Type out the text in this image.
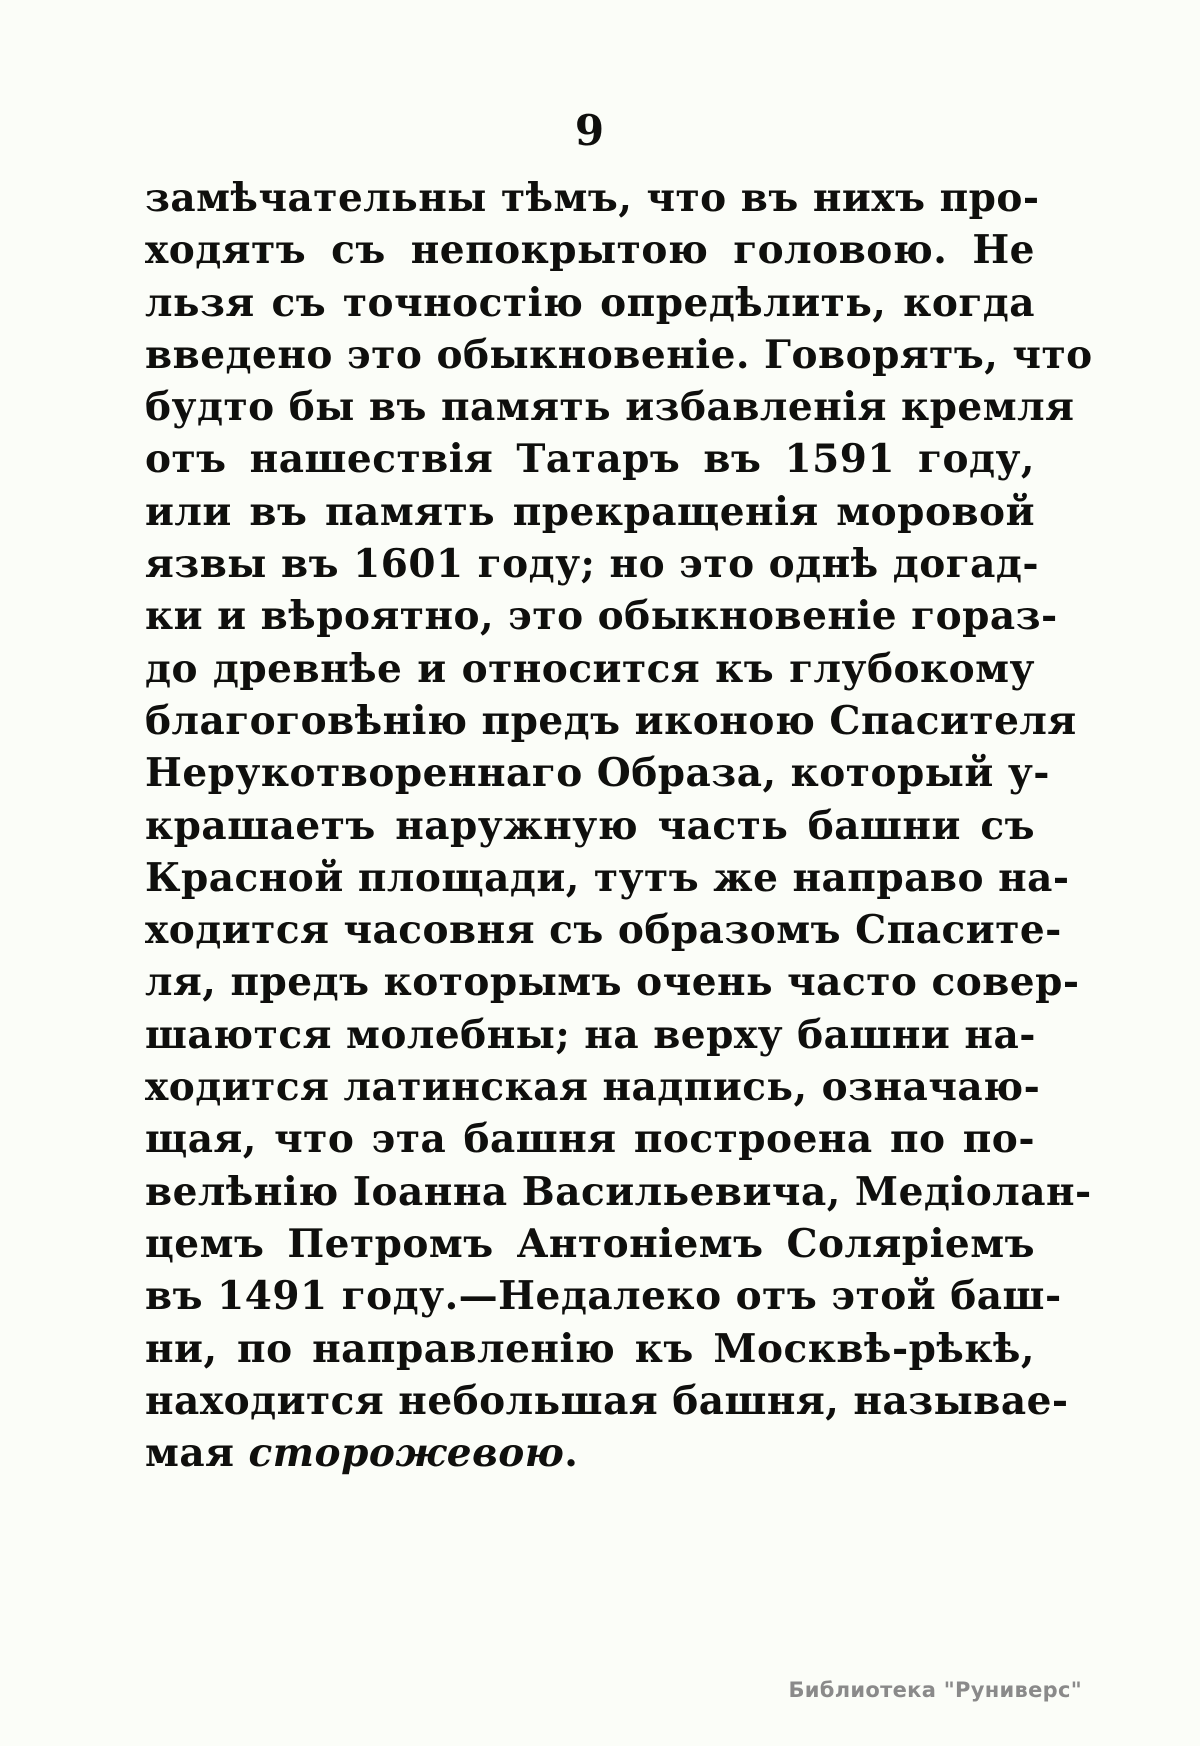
9
замѣчательны тѣмъ, что въ нихъ про-
ходятъ съ непокрытою головою. Не
льзя съ точностію опредѣлить, когда
введено это обыкновеніе. Говорятъ, что
будто бы въ память избавленія кремля
отъ нашествія Татаръ въ 1591 году,
или въ память прекращенія моровой
язвы въ 1601 году; но это однѣ догад-
ки и вѣроятно, это обыкновеніе гораз-
до древнѣе и относится къ глубокому
благоговѣнію предъ иконою Спасителя
Нерукотвореннаго Образа, который у-
крашаетъ наружную часть башни съ
Красной площади, тутъ же направо на-
ходится часовня съ образомъ Спасите-
ля, предъ которымъ очень часто совер-
шаются молебны; на верху башни на-
ходится латинская надпись, означаю-
щая, что эта башня построена по по-
велѣнію Іоанна Васильевича, Медіолан-
цемъ Петромъ Антоніемъ Соляріемъ
въ 1491 году.—Недалеко отъ этой баш-
ни, по направленію къ Москвѣ-рѣкѣ,
находится небольшая башня, называе-
мая сторожевою.
Библиотека "Руниверс"
